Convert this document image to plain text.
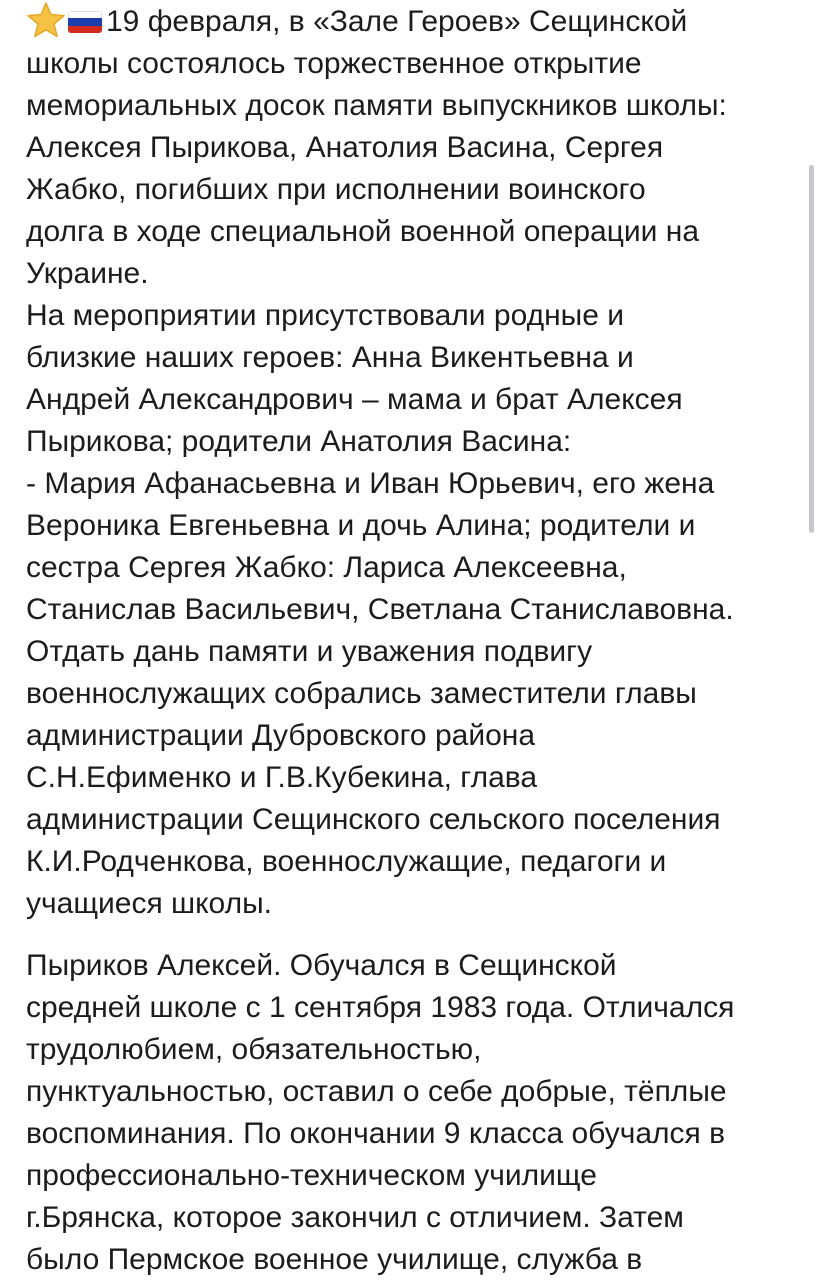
19 февраля, в «Зале Героев» Сещинской
школы состоялось торжественное открытие
мемориальных досок памяти выпускников школы:
Алексея Пырикова, Анатолия Васина, Сергея
Жабко, погибших при исполнении воинского
долга в ходе специальной военной операции на
Украине.
На мероприятии присутствовали родные и
близкие наших героев: Анна Викентьевна и
Андрей Александрович – мама и брат Алексея
Пырикова; родители Анатолия Васина:
- Мария Афанасьевна и Иван Юрьевич, его жена
Вероника Евгеньевна и дочь Алина; родители и
сестра Сергея Жабко: Лариса Алексеевна,
Станислав Васильевич, Светлана Станиславовна.
Отдать дань памяти и уважения подвигу
военнослужащих собрались заместители главы
администрации Дубровского района
С.Н.Ефименко и Г.В.Кубекина, глава
администрации Сещинского сельского поселения
К.И.Родченкова, военнослужащие, педагоги и
учащиеся школы.
Пыриков Алексей. Обучался в Сещинской
средней школе с 1 сентября 1983 года. Отличался
трудолюбием, обязательностью,
пунктуальностью, оставил о себе добрые, тёплые
воспоминания. По окончании 9 класса обучался в
профессионально-техническом училище
г.Брянска, которое закончил с отличием. Затем
было Пермское военное училище, служба в
